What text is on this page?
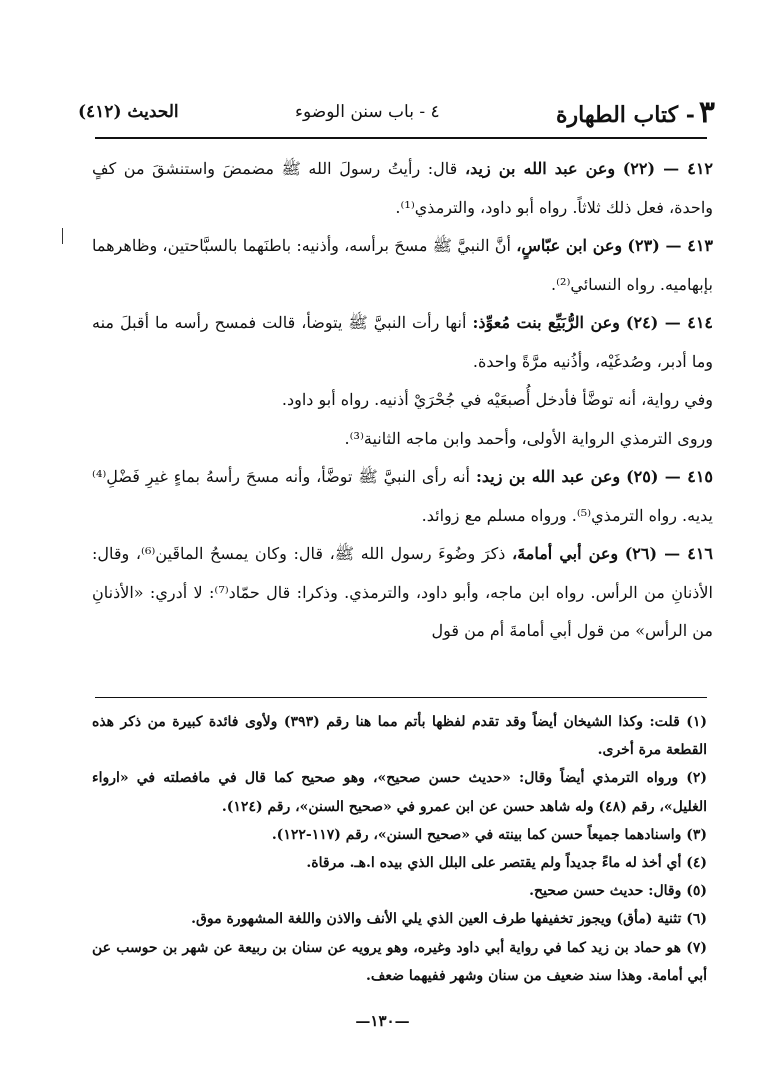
٣- كتاب الطهارة
٤ - باب سنن الوضوء
الحديث (٤١٢)

٤١٢ — (٢٢) وعن عبد الله بن زيد، قال: رأيتُ رسولَ الله ﷺ مضمضَ واستنشقَ من كفٍ واحدة، فعل ذلك ثلاثاً. رواه أبو داود، والترمذي⁽¹⁾.

٤١٣ — (٢٣) وعن ابن عبّاسٍ، أنَّ النبيَّ ﷺ مسحَ برأسه، وأذنيه: باطنَهما بالسبَّاحتين، وظاهرهما بإبهاميه. رواه النسائي⁽²⁾.

٤١٤ — (٢٤) وعن الرُّبَيِّع بنت مُعوِّذ: أنها رأت النبيَّ ﷺ يتوضأ، قالت فمسح رأسه ما أقبلَ منه وما أدبر، وصُدغَيْه، وأذُنيه مرَّةً واحدة.

وفي رواية، أنه توضَّأ فأدخل أُصبعَيْه في جُحْرَيْ أذنيه. رواه أبو داود.

وروى الترمذي الرواية الأولى، وأحمد وابن ماجه الثانية⁽³⁾.

٤١٥ — (٢٥) وعن عبد الله بن زيد: أنه رأى النبيَّ ﷺ توضَّأ، وأنه مسحَ رأسهُ بماءٍ غيرِ فَضْلِ⁽⁴⁾ يديه. رواه الترمذي⁽⁵⁾. ورواه مسلم مع زوائد.

٤١٦ — (٢٦) وعن أبي أمامةَ، ذكرَ وضُوءَ رسول الله ﷺ، قال: وكان يمسحُ الماقَين⁽⁶⁾، وقال: الأذنانِ من الرأس. رواه ابن ماجه، وأبو داود، والترمذي. وذكرا: قال حمّاد⁽⁷⁾: لا أدري: «الأذنانِ من الرأس» من قول أبي أمامةَ أم من قول

(١) قلت: وكذا الشيخان أيضاً وقد تقدم لفظها بأتم مما هنا رقم (٣٩٣) ولأوى فائدة كبيرة من ذكر هذه القطعة مرة أخرى.

(٢) ورواه الترمذي أيضاً وقال: «حديث حسن صحيح»، وهو صحيح كما قال في مافصلته في «ارواء الغليل»، رقم (٤٨) وله شاهد حسن عن ابن عمرو في «صحيح السنن»، رقم (١٢٤).

(٣) واسنادهما جميعاً حسن كما بينته في «صحيح السنن»، رقم (١١٧-١٢٢).

(٤) أي أخذ له ماءً جديداً ولم يقتصر على البلل الذي بيده ا.هـ. مرقاة.

(٥) وقال: حديث حسن صحيح.

(٦) تثنية (مأق) ويجوز تخفيفها طرف العين الذي يلي الأنف والاذن واللغة المشهورة موق.

(٧) هو حماد بن زيد كما في رواية أبي داود وغيره، وهو يرويه عن سنان بن ربيعة عن شهر بن حوسب عن أبي أمامة. وهذا سند ضعيف من سنان وشهر ففيهما ضعف.

—١٣٠—
